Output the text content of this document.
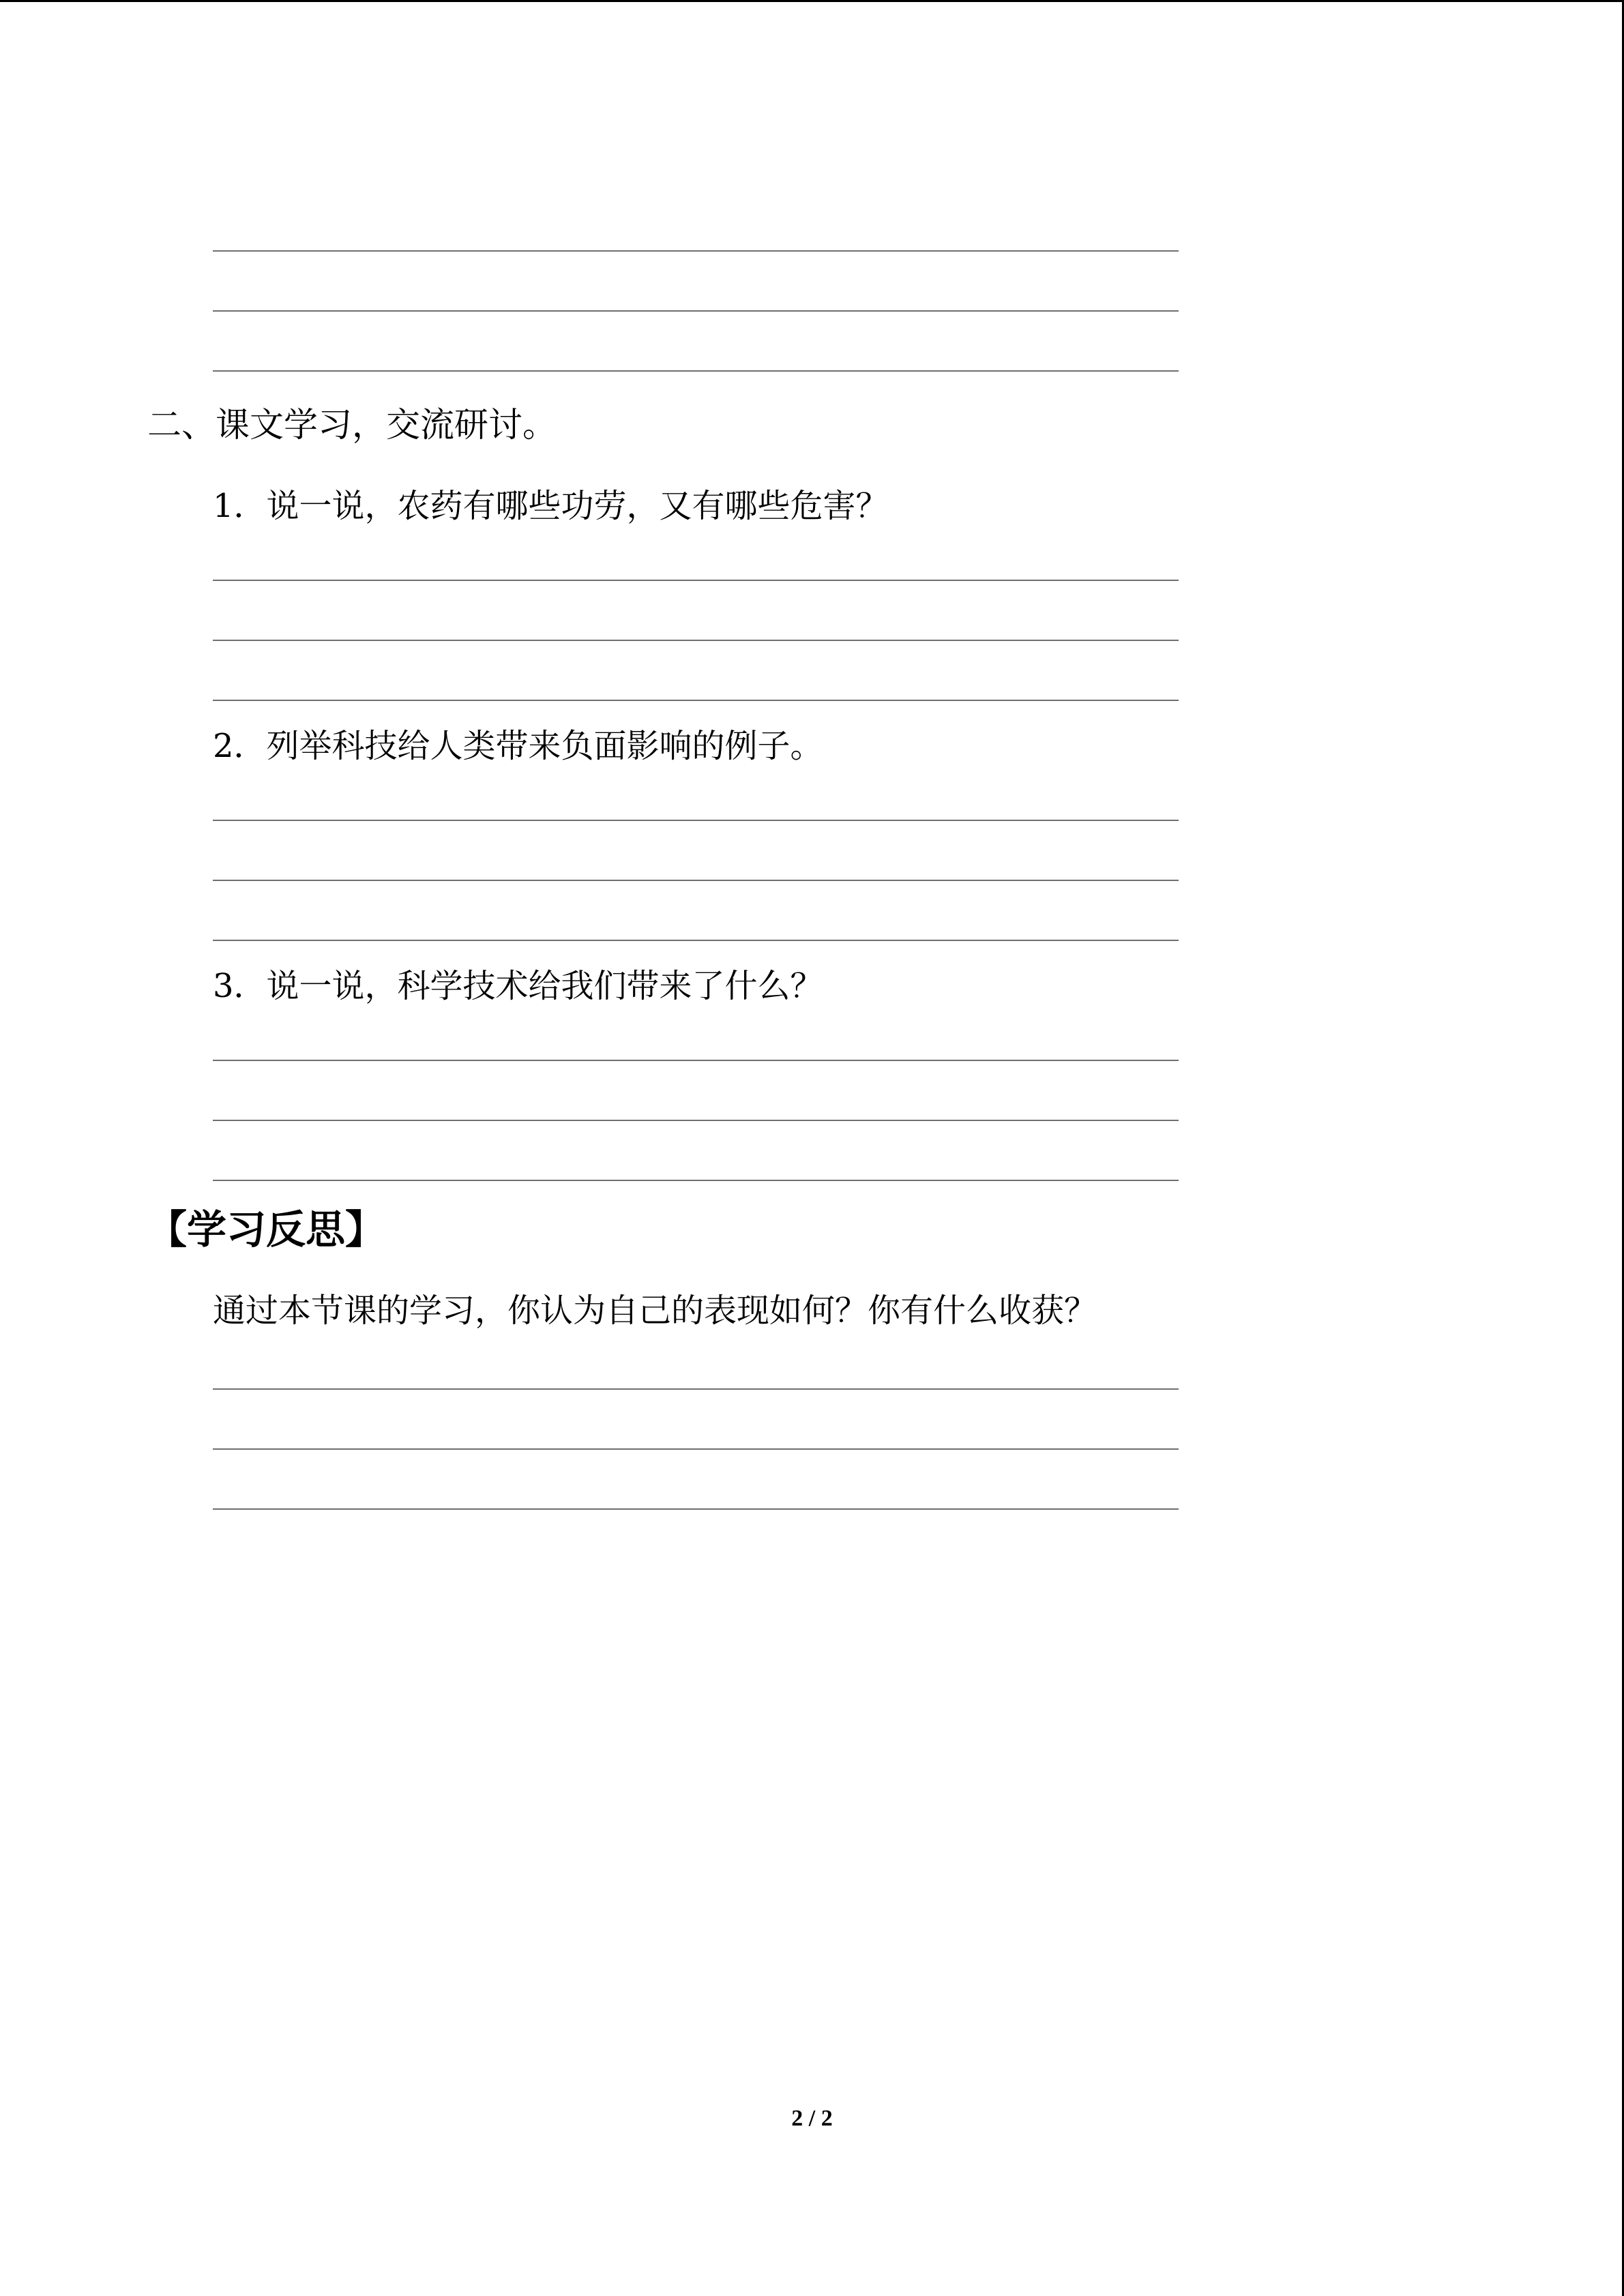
二、课文学习，交流研讨。
1．说一说，农药有哪些功劳，又有哪些危害？
2．列举科技给人类带来负面影响的例子。
3．说一说，科学技术给我们带来了什么？
【学习反思】
通过本节课的学习，你认为自己的表现如何？你有什么收获？
2 / 2
